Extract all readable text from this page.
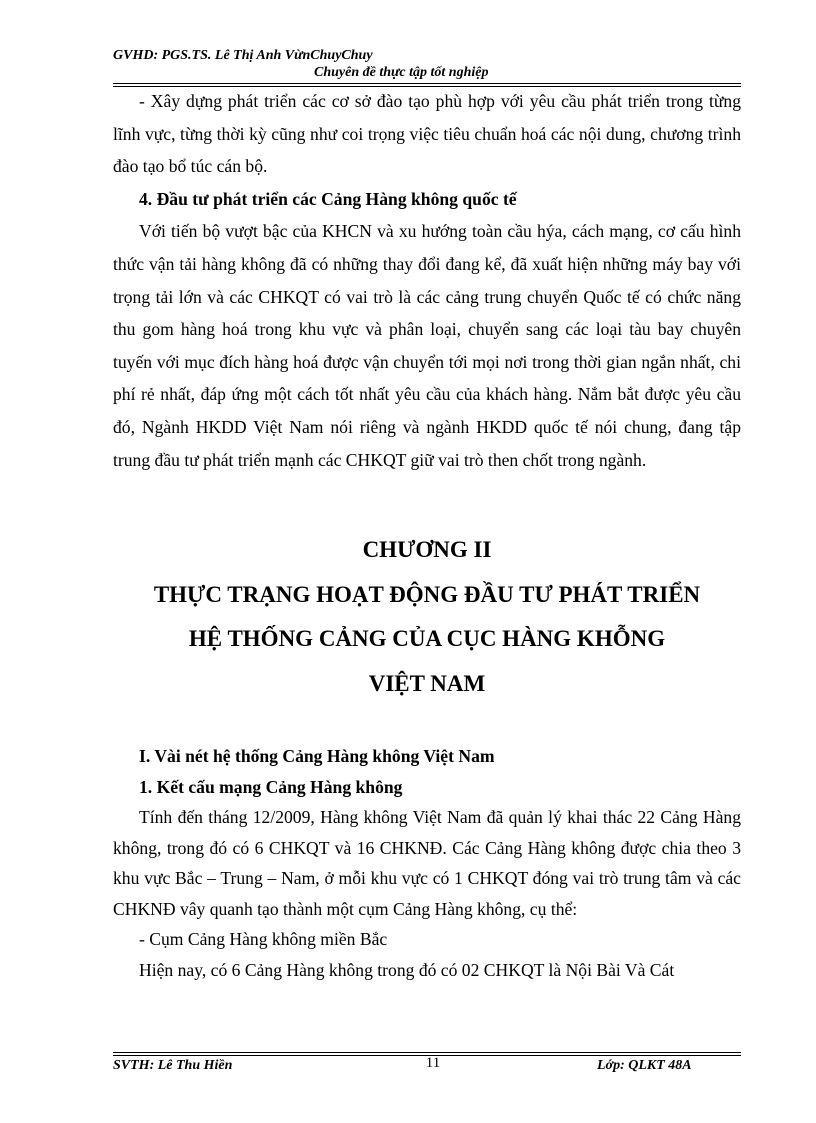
GVHD: PGS.TS. Lê Thị Anh VừnChuyChuy
Chuyên đề thực tập tốt nghiệp

- Xây dựng phát triển các cơ sở đào tạo phù hợp với yêu cầu phát triển trong từng lĩnh vực, từng thời kỳ cũng như coi trọng việc tiêu chuẩn hoá các nội dung, chương trình đào tạo bổ túc cán bộ.

4. Đầu tư phát triển các Cảng Hàng không quốc tế

Với tiến bộ vượt bậc của KHCN và xu hướng toàn cầu hýa, cách mạng, cơ cấu hình thức vận tải hàng không đã có những thay đổi đang kể, đã xuất hiện những máy bay với trọng tải lớn và các CHKQT có vai trò là các cảng trung chuyển Quốc tế có chức năng thu gom hàng hoá trong khu vực và phân loại, chuyển sang các loại tàu bay chuyên tuyến với mục đích hàng hoá được vận chuyển tới mọi nơi trong thời gian ngắn nhất, chi phí rẻ nhất, đáp ứng một cách tốt nhất yêu cầu của khách hàng. Nắm bắt được yêu cầu đó, Ngành HKDD Việt Nam nói riêng và ngành HKDD quốc tế nói chung, đang tập trung đầu tư phát triển mạnh các CHKQT giữ vai trò then chốt trong ngành.

CHƯƠNG II
THỰC TRẠNG HOẠT ĐỘNG ĐẦU TƯ PHÁT TRIỂN
HỆ THỐNG CẢNG CỦA CỤC HÀNG KHỖNG
VIỆT NAM

I. Vài nét hệ thống Cảng Hàng không Việt Nam

1. Kết cấu mạng Cảng Hàng không

Tính đến tháng 12/2009, Hàng không Việt Nam đã quản lý khai thác 22 Cảng Hàng không, trong đó có 6 CHKQT và 16 CHKNĐ. Các Cảng Hàng không được chia theo 3 khu vực Bắc – Trung – Nam, ở mỗi khu vực có 1 CHKQT đóng vai trò trung tâm và các CHKNĐ vây quanh tạo thành một cụm Cảng Hàng không, cụ thể:

- Cụm Cảng Hàng không miền Bắc

Hiện nay, có 6 Cảng Hàng không trong đó có 02 CHKQT là Nội Bài Và Cát

SVTH: Lê Thu Hiền	11	Lớp: QLKT 48A
